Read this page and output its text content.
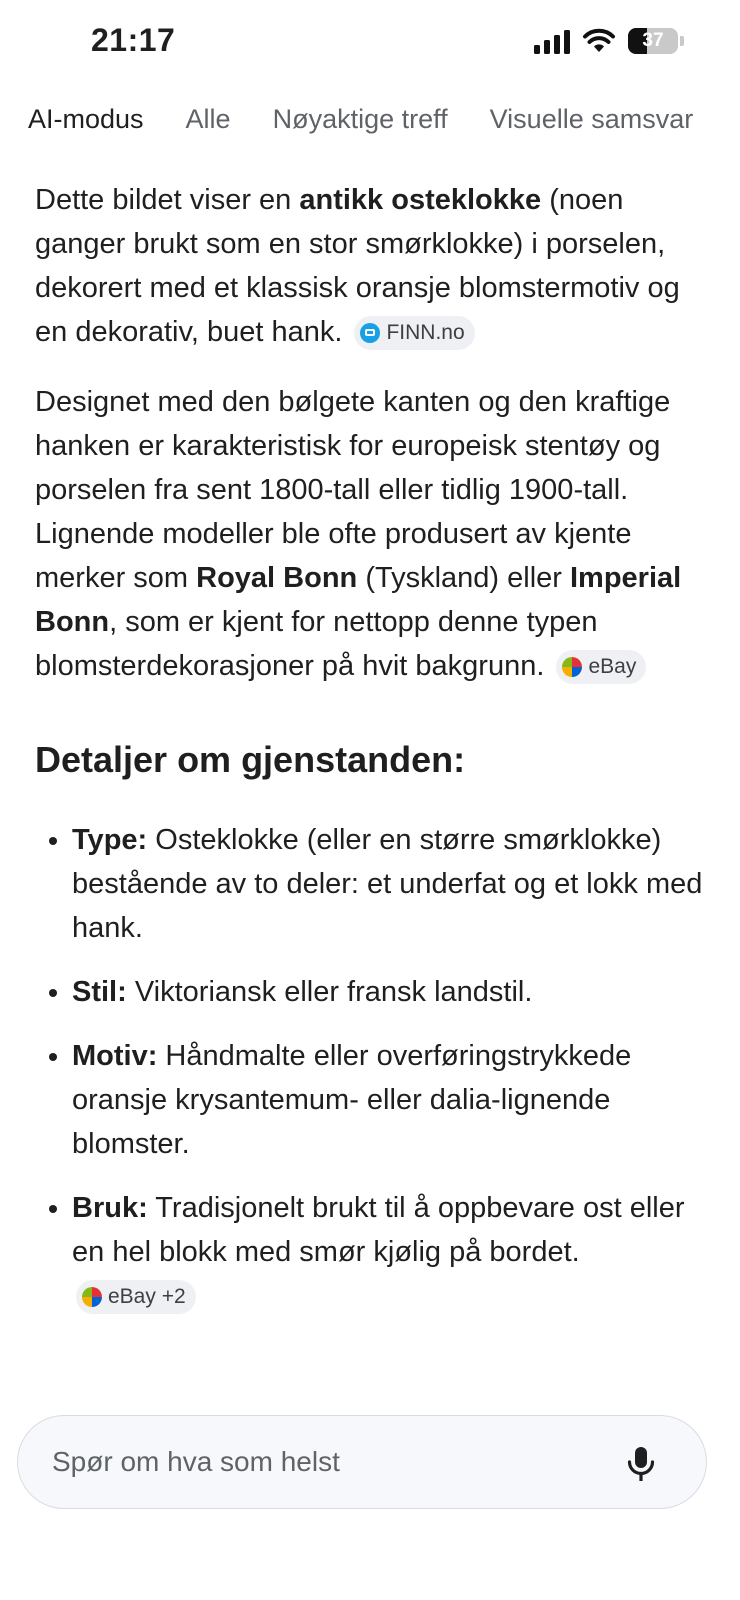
21:17	37
AI-modus Alle Nøyaktige treff Visuelle samsvar

Dette bildet viser en antikk osteklokke (noen ganger brukt som en stor smørklokke) i porselen, dekorert med et klassisk oransje blomstermotiv og en dekorativ, buet hank. FINN.no

Designet med den bølgete kanten og den kraftige hanken er karakteristisk for europeisk stentøy og porselen fra sent 1800-tall eller tidlig 1900-tall. Lignende modeller ble ofte produsert av kjente merker som Royal Bonn (Tyskland) eller Imperial Bonn, som er kjent for nettopp denne typen blomsterdekorasjoner på hvit bakgrunn. eBay

Detaljer om gjenstanden:
• Type: Osteklokke (eller en større smørklokke) bestående av to deler: et underfat og et lokk med hank.
• Stil: Viktoriansk eller fransk landstil.
• Motiv: Håndmalte eller overføringstrykkede oransje krysantemum- eller dalia-lignende blomster.
• Bruk: Tradisjonelt brukt til å oppbevare ost eller en hel blokk med smør kjølig på bordet.
eBay +2
Spør om hva som helst
